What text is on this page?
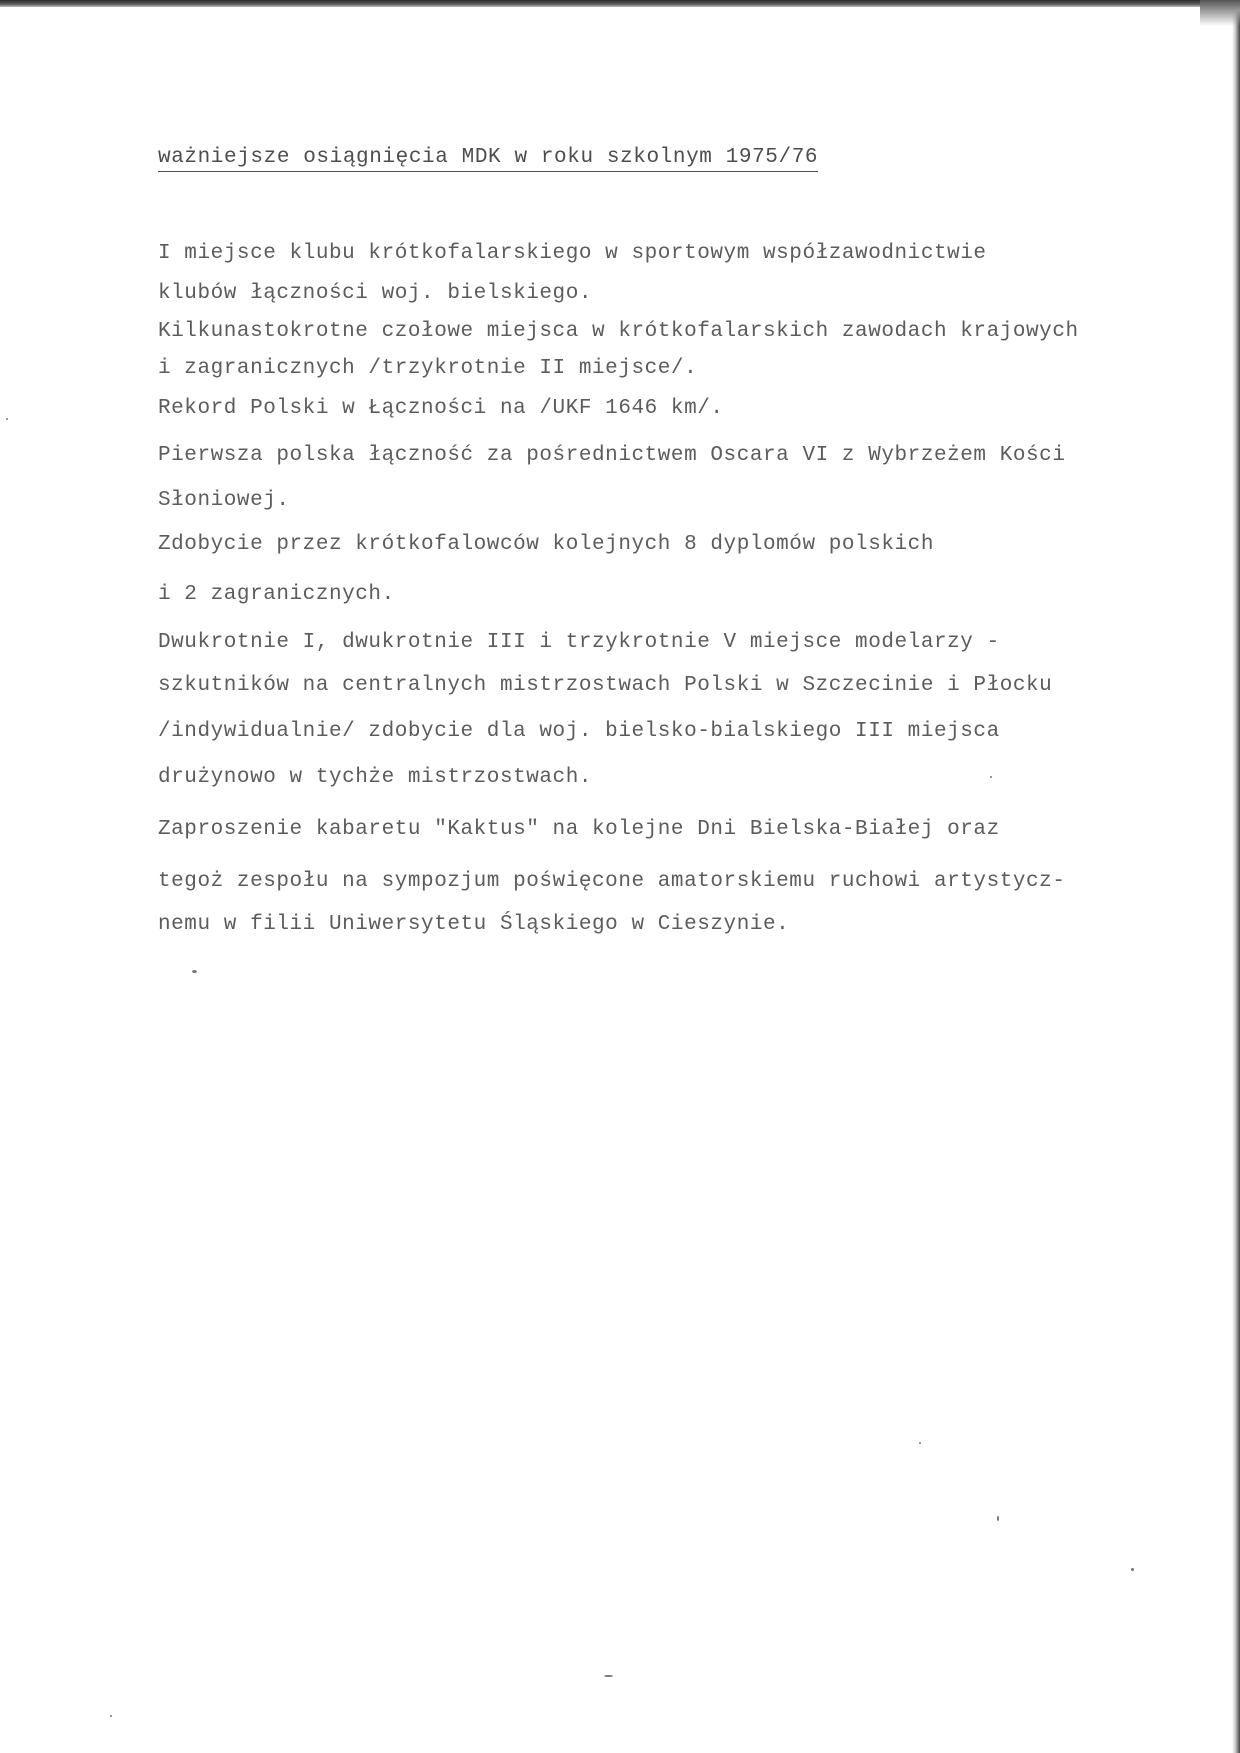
ważniejsze osiągnięcia MDK w roku szkolnym 1975/76
I miejsce klubu krótkofalarskiego w sportowym współzawodnictwie
klubów łączności woj. bielskiego.
Kilkunastokrotne czołowe miejsca w krótkofalarskich zawodach krajowych
i zagranicznych /trzykrotnie II miejsce/.
Rekord Polski w Łączności na /UKF 1646 km/.
Pierwsza polska łączność za pośrednictwem Oscara VI z Wybrzeżem Kości
Słoniowej.
Zdobycie przez krótkofalowców kolejnych 8 dyplomów polskich
i 2 zagranicznych.
Dwukrotnie I, dwukrotnie III i trzykrotnie V miejsce modelarzy -
szkutników na centralnych mistrzostwach Polski w Szczecinie i Płocku
/indywidualnie/ zdobycie dla woj. bielsko-bialskiego III miejsca
drużynowo w tychże mistrzostwach.
Zaproszenie kabaretu "Kaktus" na kolejne Dni Bielska-Białej oraz
tegoż zespołu na sympozjum poświęcone amatorskiemu ruchowi artystycz-
nemu w filii Uniwersytetu Śląskiego w Cieszynie.
